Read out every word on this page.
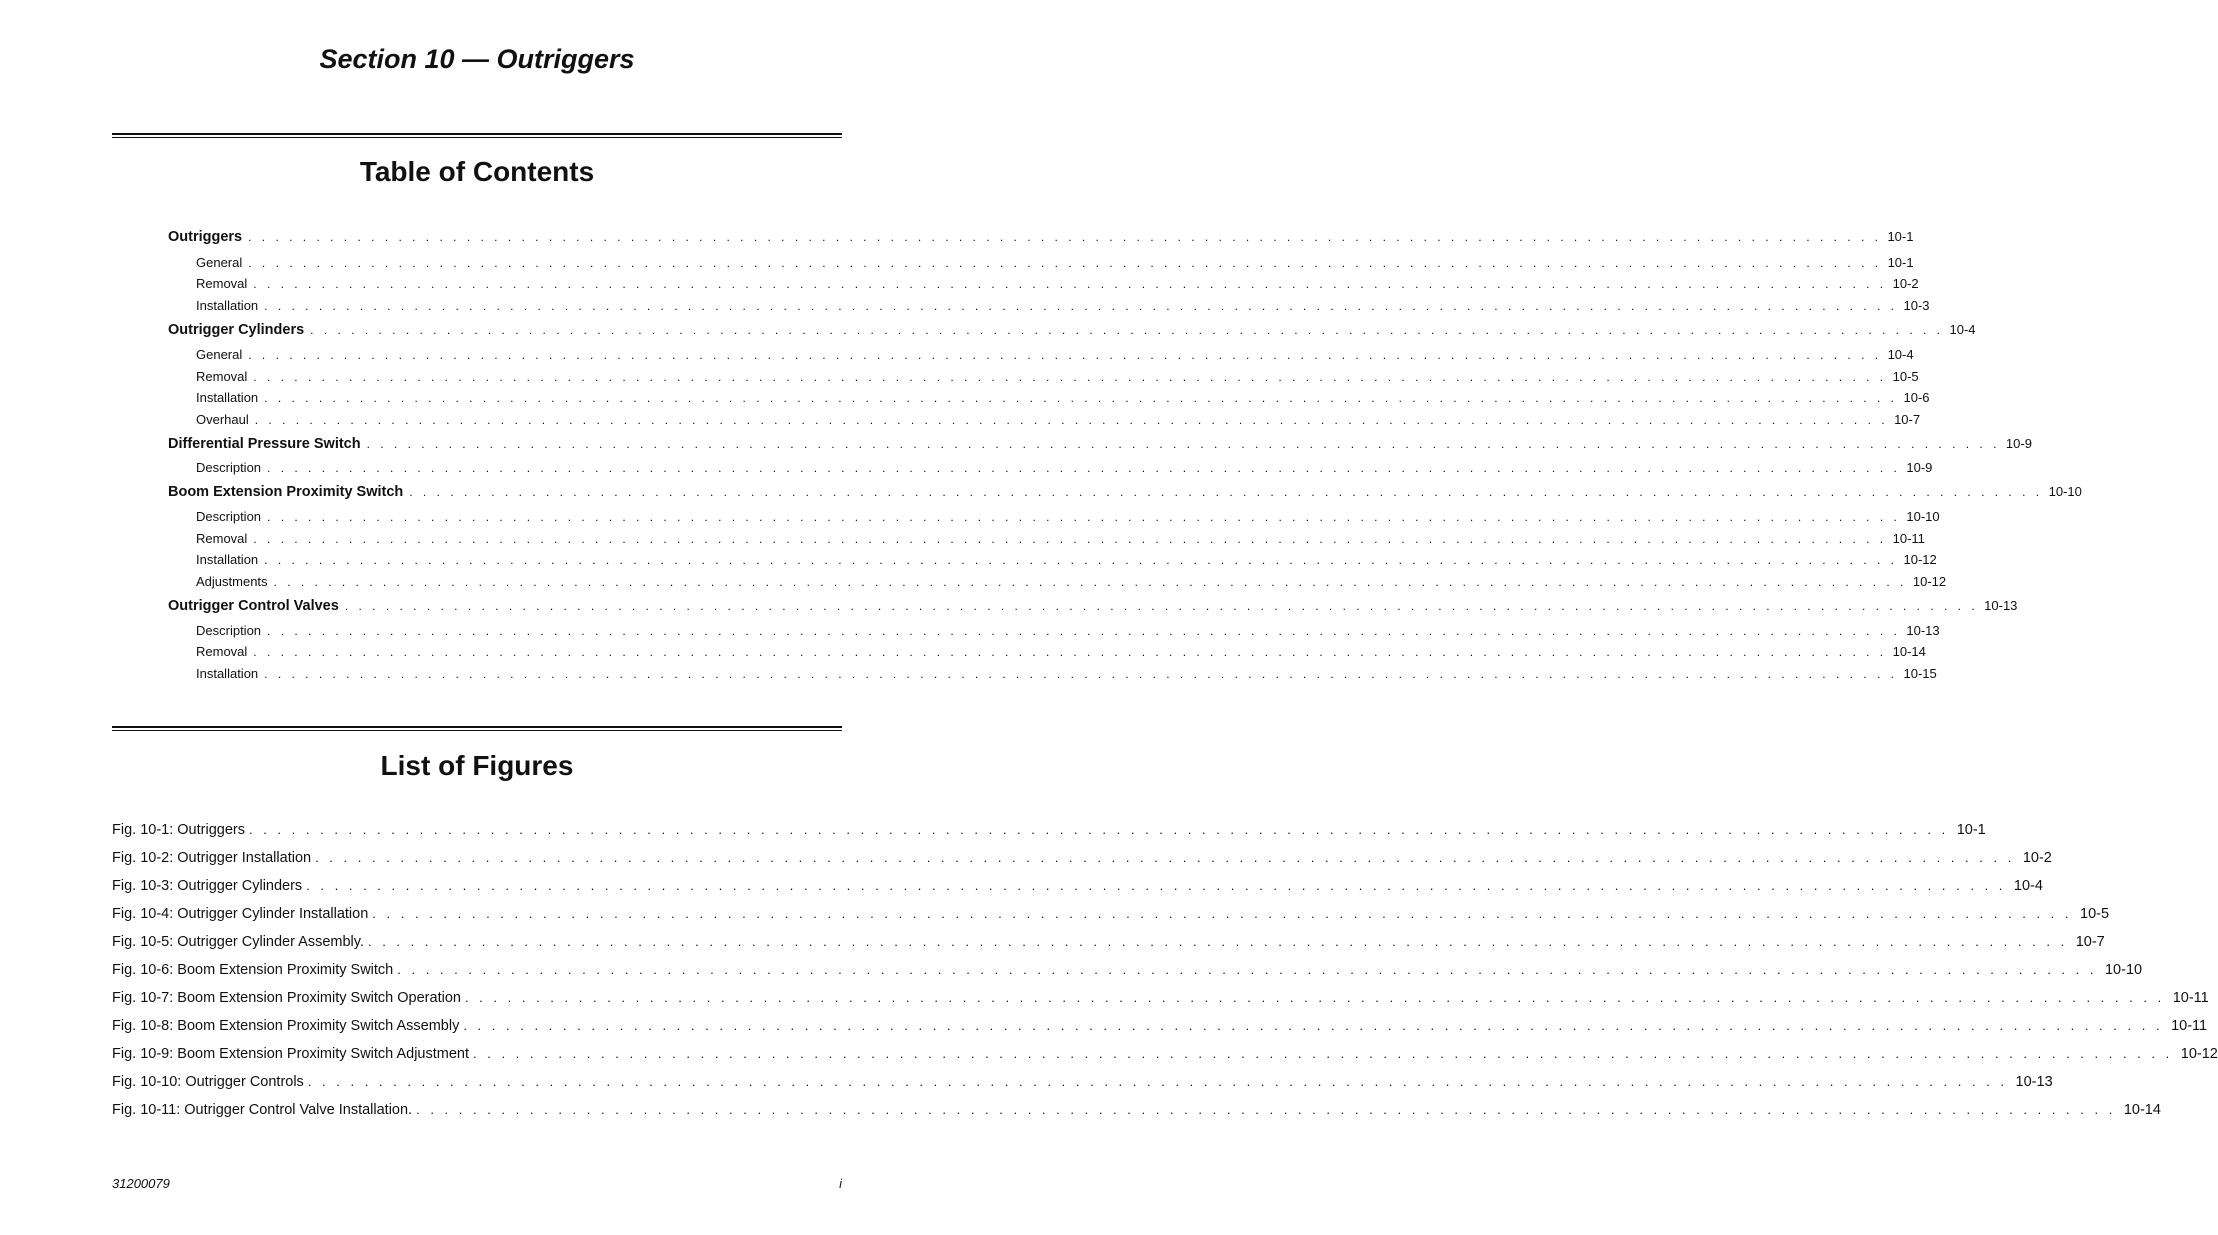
Section 10 — Outriggers
Table of Contents
Outriggers . . . . . . . . . . . . . . . . . . . . . . . . . . . . . . . . . . . . . . . . . . . . . . . . . . . . . . . . . . . . . . . . . . . . . . . . . . . . . . . . . . . . . . . . . . . . . . . . . . . . . . . . . . . . . . . . . . . . . . . . 10-1
General . . . . . . . . . . . . . . . . . . . . . . . . . . . . . . . . . . . . . . . . . . . . . . . . . . . . . . . . . . . . . . . . . . . . . . . . . . . . . . . . . . . . . . . . . . . . . . . . . . . . . . . . . . . . . . . . . . . . . . . . 10-1
Removal . . . . . . . . . . . . . . . . . . . . . . . . . . . . . . . . . . . . . . . . . . . . . . . . . . . . . . . . . . . . . . . . . . . . . . . . . . . . . . . . . . . . . . . . . . . . . . . . . . . . . . . . . . . . . . . . . . . . . . . . 10-2
Installation . . . . . . . . . . . . . . . . . . . . . . . . . . . . . . . . . . . . . . . . . . . . . . . . . . . . . . . . . . . . . . . . . . . . . . . . . . . . . . . . . . . . . . . . . . . . . . . . . . . . . . . . . . . . . . . . . . . . . . . . 10-3
Outrigger Cylinders . . . . . . . . . . . . . . . . . . . . . . . . . . . . . . . . . . . . . . . . . . . . . . . . . . . . . . . . . . . . . . . . . . . . . . . . . . . . . . . . . . . . . . . . . . . . . . . . . . . . . . . . . . . . . . . . . . . . . . . . 10-4
General . . . . . . . . . . . . . . . . . . . . . . . . . . . . . . . . . . . . . . . . . . . . . . . . . . . . . . . . . . . . . . . . . . . . . . . . . . . . . . . . . . . . . . . . . . . . . . . . . . . . . . . . . . . . . . . . . . . . . . . . 10-4
Removal . . . . . . . . . . . . . . . . . . . . . . . . . . . . . . . . . . . . . . . . . . . . . . . . . . . . . . . . . . . . . . . . . . . . . . . . . . . . . . . . . . . . . . . . . . . . . . . . . . . . . . . . . . . . . . . . . . . . . . . . 10-5
Installation . . . . . . . . . . . . . . . . . . . . . . . . . . . . . . . . . . . . . . . . . . . . . . . . . . . . . . . . . . . . . . . . . . . . . . . . . . . . . . . . . . . . . . . . . . . . . . . . . . . . . . . . . . . . . . . . . . . . . . . . 10-6
Overhaul . . . . . . . . . . . . . . . . . . . . . . . . . . . . . . . . . . . . . . . . . . . . . . . . . . . . . . . . . . . . . . . . . . . . . . . . . . . . . . . . . . . . . . . . . . . . . . . . . . . . . . . . . . . . . . . . . . . . . . . . 10-7
Differential Pressure Switch . . . . . . . . . . . . . . . . . . . . . . . . . . . . . . . . . . . . . . . . . . . . . . . . . . . . . . . . . . . . . . . . . . . . . . . . . . . . . . . . . . . . . . . . . . . . . . . . . . . . . . . . . . . . . . . . . . . . . . . . 10-9
Description . . . . . . . . . . . . . . . . . . . . . . . . . . . . . . . . . . . . . . . . . . . . . . . . . . . . . . . . . . . . . . . . . . . . . . . . . . . . . . . . . . . . . . . . . . . . . . . . . . . . . . . . . . . . . . . . . . . . . . . . 10-9
Boom Extension Proximity Switch . . . . . . . . . . . . . . . . . . . . . . . . . . . . . . . . . . . . . . . . . . . . . . . . . . . . . . . . . . . . . . . . . . . . . . . . . . . . . . . . . . . . . . . . . . . . . . . . . . . . . . . . . . . . . . . . . . . . . . . . 10-10
Description . . . . . . . . . . . . . . . . . . . . . . . . . . . . . . . . . . . . . . . . . . . . . . . . . . . . . . . . . . . . . . . . . . . . . . . . . . . . . . . . . . . . . . . . . . . . . . . . . . . . . . . . . . . . . . . . . . . . . . . . 10-10
Removal . . . . . . . . . . . . . . . . . . . . . . . . . . . . . . . . . . . . . . . . . . . . . . . . . . . . . . . . . . . . . . . . . . . . . . . . . . . . . . . . . . . . . . . . . . . . . . . . . . . . . . . . . . . . . . . . . . . . . . . . 10-11
Installation . . . . . . . . . . . . . . . . . . . . . . . . . . . . . . . . . . . . . . . . . . . . . . . . . . . . . . . . . . . . . . . . . . . . . . . . . . . . . . . . . . . . . . . . . . . . . . . . . . . . . . . . . . . . . . . . . . . . . . . . 10-12
Adjustments . . . . . . . . . . . . . . . . . . . . . . . . . . . . . . . . . . . . . . . . . . . . . . . . . . . . . . . . . . . . . . . . . . . . . . . . . . . . . . . . . . . . . . . . . . . . . . . . . . . . . . . . . . . . . . . . . . . . . . . . 10-12
Outrigger Control Valves . . . . . . . . . . . . . . . . . . . . . . . . . . . . . . . . . . . . . . . . . . . . . . . . . . . . . . . . . . . . . . . . . . . . . . . . . . . . . . . . . . . . . . . . . . . . . . . . . . . . . . . . . . . . . . . . . . . . . . . . 10-13
Description . . . . . . . . . . . . . . . . . . . . . . . . . . . . . . . . . . . . . . . . . . . . . . . . . . . . . . . . . . . . . . . . . . . . . . . . . . . . . . . . . . . . . . . . . . . . . . . . . . . . . . . . . . . . . . . . . . . . . . . . 10-13
Removal . . . . . . . . . . . . . . . . . . . . . . . . . . . . . . . . . . . . . . . . . . . . . . . . . . . . . . . . . . . . . . . . . . . . . . . . . . . . . . . . . . . . . . . . . . . . . . . . . . . . . . . . . . . . . . . . . . . . . . . . 10-14
Installation . . . . . . . . . . . . . . . . . . . . . . . . . . . . . . . . . . . . . . . . . . . . . . . . . . . . . . . . . . . . . . . . . . . . . . . . . . . . . . . . . . . . . . . . . . . . . . . . . . . . . . . . . . . . . . . . . . . . . . . . 10-15
List of Figures
Fig. 10-1: Outriggers . . . . . . . . . . . . . . . . . . . . . . . . . . . . . . . . . . . . . . . . . . . . . . . . . . . . . . . . . . . . . . . . . . . . . . . . . . . . . . . . . . . . . . . . . . . . . . . . . . . . . . . . . . . . . . . . . . . . . . . . 10-1
Fig. 10-2: Outrigger Installation . . . . . . . . . . . . . . . . . . . . . . . . . . . . . . . . . . . . . . . . . . . . . . . . . . . . . . . . . . . . . . . . . . . . . . . . . . . . . . . . . . . . . . . . . . . . . . . . . . . . . . . . . . . . . . . . . . . . . . . . 10-2
Fig. 10-3: Outrigger Cylinders . . . . . . . . . . . . . . . . . . . . . . . . . . . . . . . . . . . . . . . . . . . . . . . . . . . . . . . . . . . . . . . . . . . . . . . . . . . . . . . . . . . . . . . . . . . . . . . . . . . . . . . . . . . . . . . . . . . . . . . . 10-4
Fig. 10-4: Outrigger Cylinder Installation . . . . . . . . . . . . . . . . . . . . . . . . . . . . . . . . . . . . . . . . . . . . . . . . . . . . . . . . . . . . . . . . . . . . . . . . . . . . . . . . . . . . . . . . . . . . . . . . . . . . . . . . . . . . . . . . . . . . . . . . 10-5
Fig. 10-5: Outrigger Cylinder Assembly. . . . . . . . . . . . . . . . . . . . . . . . . . . . . . . . . . . . . . . . . . . . . . . . . . . . . . . . . . . . . . . . . . . . . . . . . . . . . . . . . . . . . . . . . . . . . . . . . . . . . . . . . . . . . . . . . . . . . . . . . 10-7
Fig. 10-6: Boom Extension Proximity Switch . . . . . . . . . . . . . . . . . . . . . . . . . . . . . . . . . . . . . . . . . . . . . . . . . . . . . . . . . . . . . . . . . . . . . . . . . . . . . . . . . . . . . . . . . . . . . . . . . . . . . . . . . . . . . . . . . . . . . . . . 10-10
Fig. 10-7: Boom Extension Proximity Switch Operation . . . . . . . . . . . . . . . . . . . . . . . . . . . . . . . . . . . . . . . . . . . . . . . . . . . . . . . . . . . . . . . . . . . . . . . . . . . . . . . . . . . . . . . . . . . . . . . . . . . . . . . . . . . . . . . . . . . . . . . . 10-11
Fig. 10-8: Boom Extension Proximity Switch Assembly . . . . . . . . . . . . . . . . . . . . . . . . . . . . . . . . . . . . . . . . . . . . . . . . . . . . . . . . . . . . . . . . . . . . . . . . . . . . . . . . . . . . . . . . . . . . . . . . . . . . . . . . . . . . . . . . . . . . . . . . 10-11
Fig. 10-9: Boom Extension Proximity Switch Adjustment . . . . . . . . . . . . . . . . . . . . . . . . . . . . . . . . . . . . . . . . . . . . . . . . . . . . . . . . . . . . . . . . . . . . . . . . . . . . . . . . . . . . . . . . . . . . . . . . . . . . . . . . . . . . . . . . . . . . . . . . 10-12
Fig. 10-10: Outrigger Controls . . . . . . . . . . . . . . . . . . . . . . . . . . . . . . . . . . . . . . . . . . . . . . . . . . . . . . . . . . . . . . . . . . . . . . . . . . . . . . . . . . . . . . . . . . . . . . . . . . . . . . . . . . . . . . . . . . . . . . . . 10-13
Fig. 10-11: Outrigger Control Valve Installation. . . . . . . . . . . . . . . . . . . . . . . . . . . . . . . . . . . . . . . . . . . . . . . . . . . . . . . . . . . . . . . . . . . . . . . . . . . . . . . . . . . . . . . . . . . . . . . . . . . . . . . . . . . . . . . . . . . . . . . . . 10-14
31200079	i
